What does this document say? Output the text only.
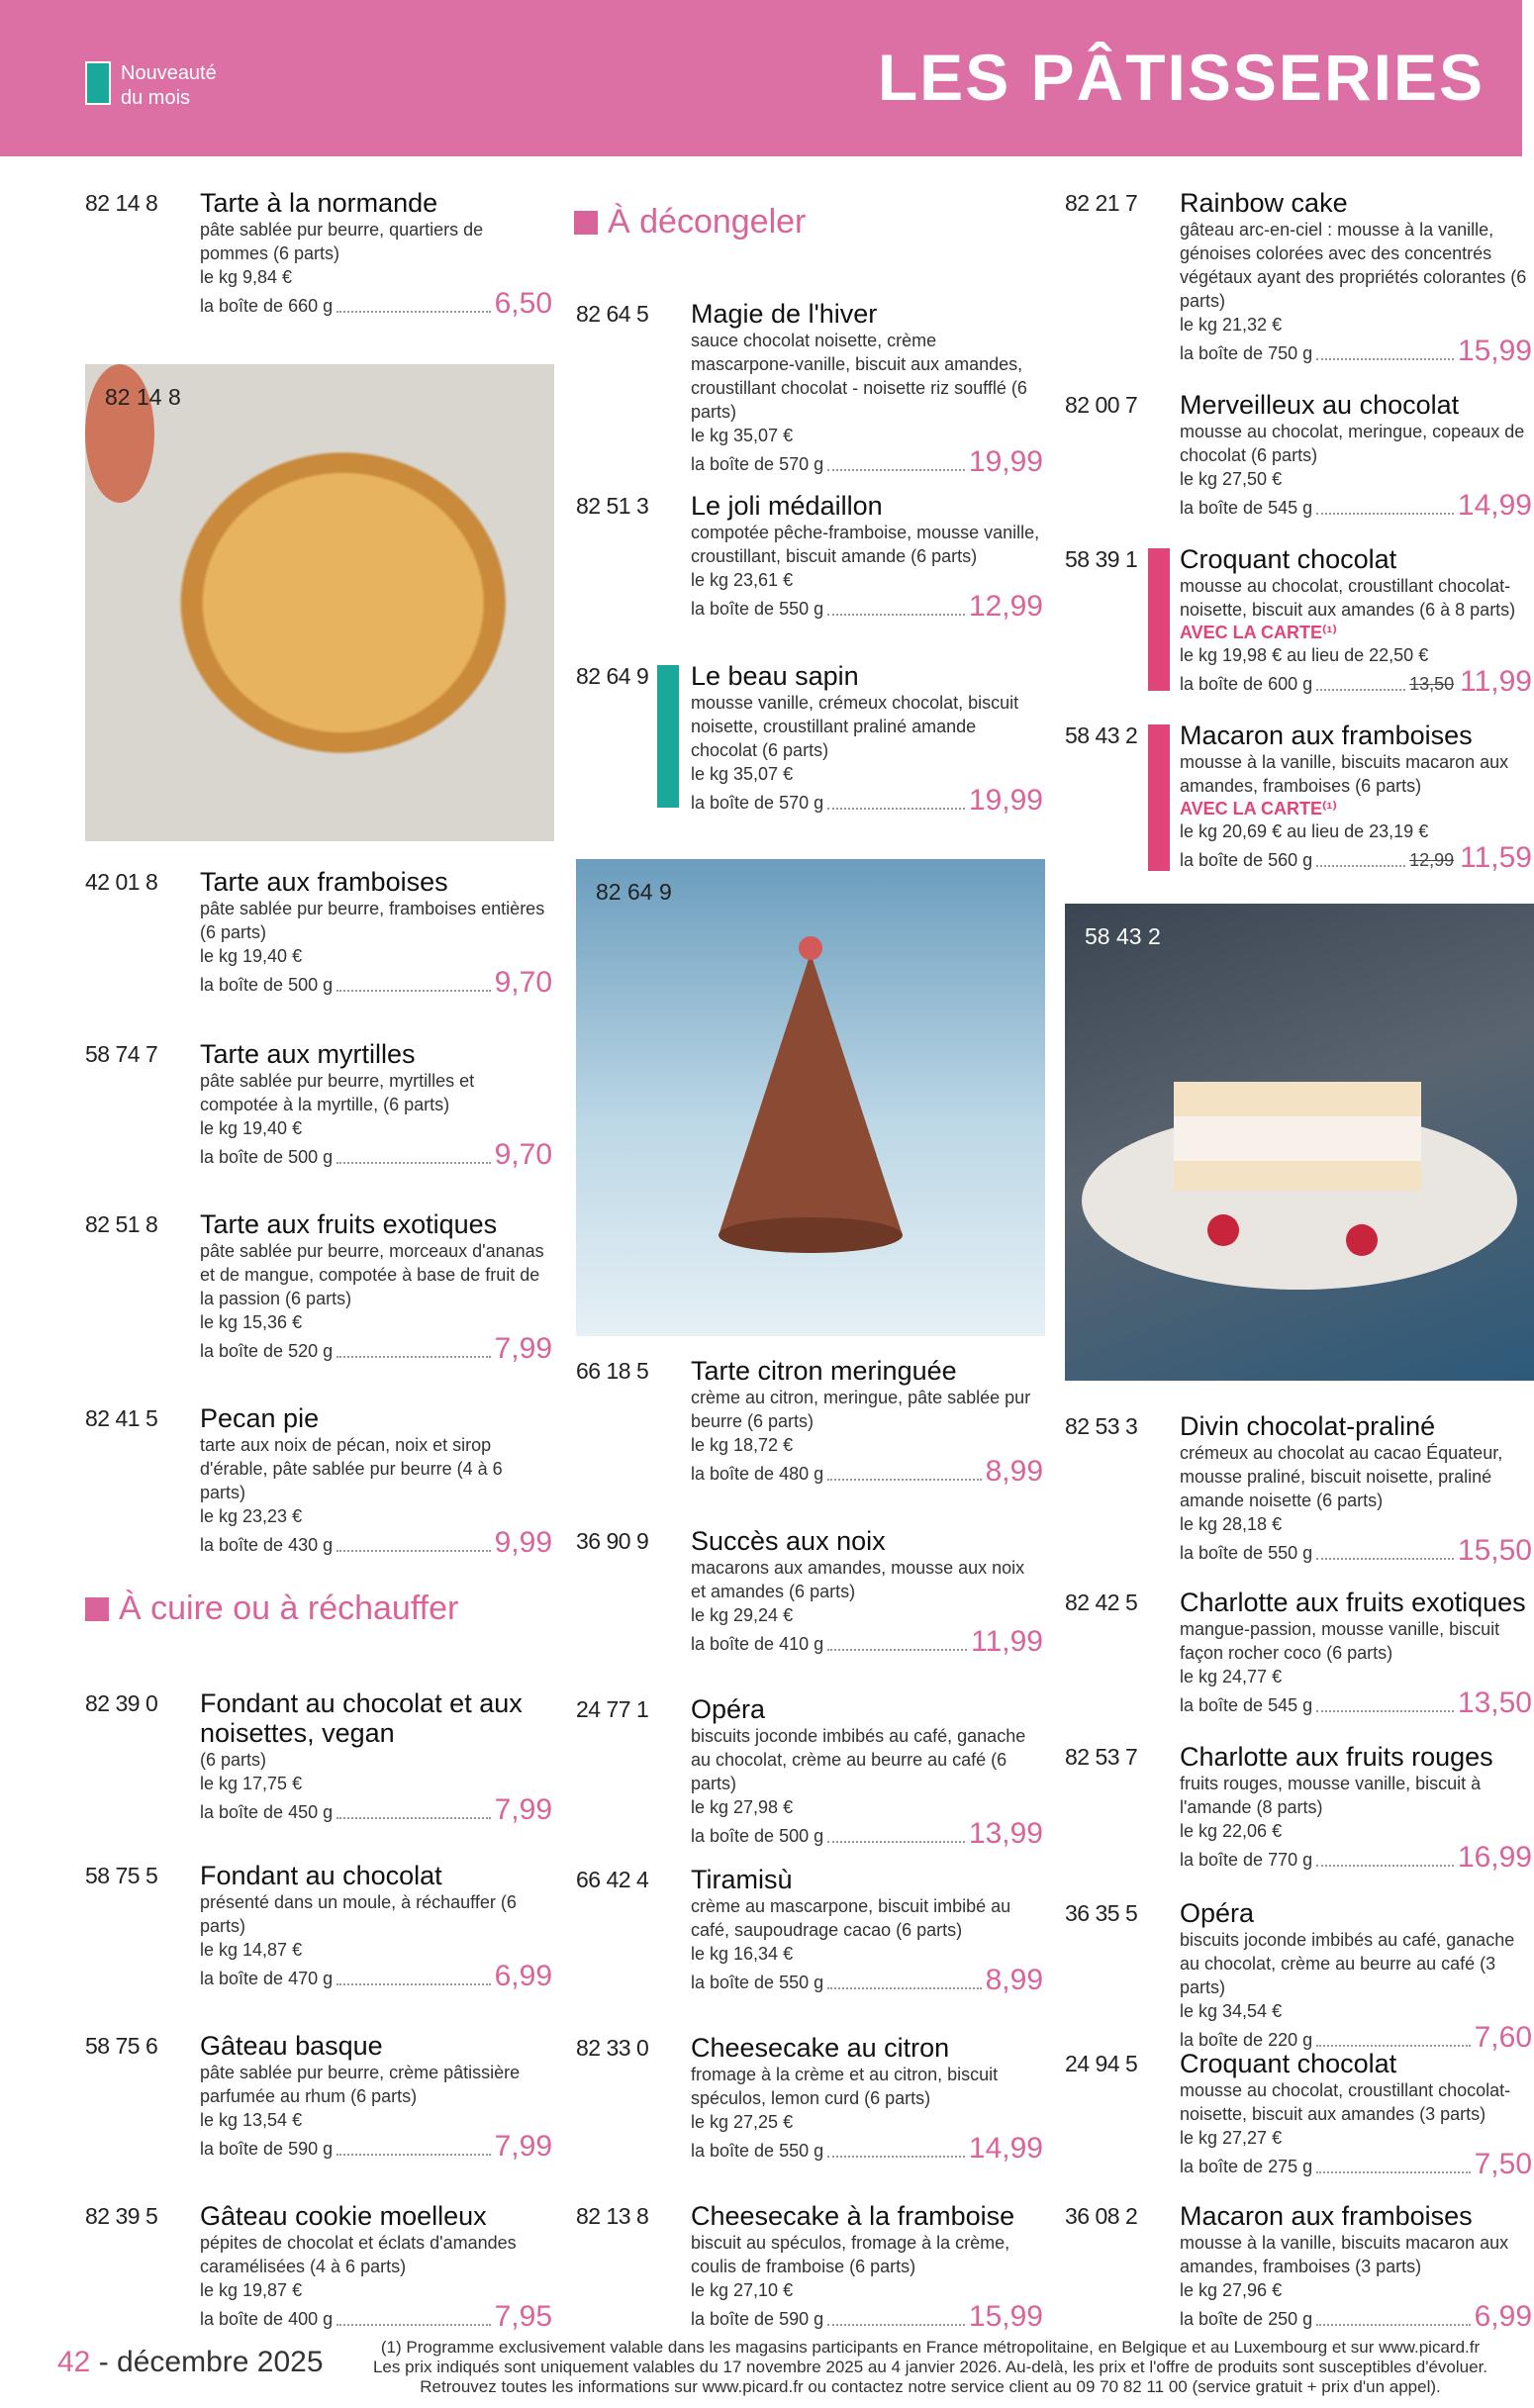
Nouveauté
du mois	LES PÂTISSERIES
À décongeler
À cuire ou à réchauffer
82 14 8
82 64 9
58 43 2
82 14 8	Tarte à la normande
pâte sablée pur beurre, quartiers de pommes (6 parts)
le kg 9,84 €
la boîte de 660 g	6,50
42 01 8	Tarte aux framboises
pâte sablée pur beurre, framboises entières (6 parts)
le kg 19,40 €
la boîte de 500 g	9,70
58 74 7	Tarte aux myrtilles
pâte sablée pur beurre, myrtilles et compotée à la myrtille, (6 parts)
le kg 19,40 €
la boîte de 500 g	9,70
82 51 8	Tarte aux fruits exotiques
pâte sablée pur beurre, morceaux d'ananas et de mangue, compotée à base de fruit de la passion (6 parts)
le kg 15,36 €
la boîte de 520 g	7,99
82 41 5	Pecan pie
tarte aux noix de pécan, noix et sirop d'érable, pâte sablée pur beurre (4 à 6 parts)
le kg 23,23 €
la boîte de 430 g	9,99
82 39 0	Fondant au chocolat et aux noisettes, vegan
(6 parts)
le kg 17,75 €
la boîte de 450 g	7,99
58 75 5	Fondant au chocolat
présenté dans un moule, à réchauffer (6 parts)
le kg 14,87 €
la boîte de 470 g	6,99
58 75 6	Gâteau basque
pâte sablée pur beurre, crème pâtissière parfumée au rhum (6 parts)
le kg 13,54 €
la boîte de 590 g	7,99
82 39 5	Gâteau cookie moelleux
pépites de chocolat et éclats d'amandes caramélisées (4 à 6 parts)
le kg 19,87 €
la boîte de 400 g	7,95
82 64 5	Magie de l'hiver
sauce chocolat noisette, crème mascarpone-vanille, biscuit aux amandes, croustillant chocolat - noisette riz soufflé (6 parts)
le kg 35,07 €
la boîte de 570 g	19,99
82 51 3	Le joli médaillon
compotée pêche-framboise, mousse vanille, croustillant, biscuit amande (6 parts)
le kg 23,61 €
la boîte de 550 g	12,99
82 64 9	Le beau sapin
mousse vanille, crémeux chocolat, biscuit noisette, croustillant praliné amande chocolat (6 parts)
le kg 35,07 €
la boîte de 570 g	19,99
66 18 5	Tarte citron meringuée
crème au citron, meringue, pâte sablée pur beurre (6 parts)
le kg 18,72 €
la boîte de 480 g	8,99
36 90 9	Succès aux noix
macarons aux amandes, mousse aux noix et amandes (6 parts)
le kg 29,24 €
la boîte de 410 g	11,99
24 77 1	Opéra
biscuits joconde imbibés au café, ganache au chocolat, crème au beurre au café (6 parts)
le kg 27,98 €
la boîte de 500 g	13,99
66 42 4	Tiramisù
crème au mascarpone, biscuit imbibé au café, saupoudrage cacao (6 parts)
le kg 16,34 €
la boîte de 550 g	8,99
82 33 0	Cheesecake au citron
fromage à la crème et au citron, biscuit spéculos, lemon curd (6 parts)
le kg 27,25 €
la boîte de 550 g	14,99
82 13 8	Cheesecake à la framboise
biscuit au spéculos, fromage à la crème, coulis de framboise (6 parts)
le kg 27,10 €
la boîte de 590 g	15,99
82 21 7	Rainbow cake
gâteau arc-en-ciel : mousse à la vanille, génoises colorées avec des concentrés végétaux ayant des propriétés colorantes (6 parts)
le kg 21,32 €
la boîte de 750 g	15,99
82 00 7	Merveilleux au chocolat
mousse au chocolat, meringue, copeaux de chocolat (6 parts)
le kg 27,50 €
la boîte de 545 g	14,99
58 39 1	Croquant chocolat
mousse au chocolat, croustillant chocolat-noisette, biscuit aux amandes (6 à 8 parts)
AVEC LA CARTE⁽¹⁾
le kg 19,98 € au lieu de 22,50 €
la boîte de 600 g	13,50 11,99
58 43 2	Macaron aux framboises
mousse à la vanille, biscuits macaron aux amandes, framboises (6 parts)
AVEC LA CARTE⁽¹⁾
le kg 20,69 € au lieu de 23,19 €
la boîte de 560 g	12,99 11,59
82 53 3	Divin chocolat-praliné
crémeux au chocolat au cacao Équateur, mousse praliné, biscuit noisette, praliné amande noisette (6 parts)
le kg 28,18 €
la boîte de 550 g	15,50
82 42 5	Charlotte aux fruits exotiques
mangue-passion, mousse vanille, biscuit façon rocher coco (6 parts)
le kg 24,77 €
la boîte de 545 g	13,50
82 53 7	Charlotte aux fruits rouges
fruits rouges, mousse vanille, biscuit à l'amande (8 parts)
le kg 22,06 €
la boîte de 770 g	16,99
36 35 5	Opéra
biscuits joconde imbibés au café, ganache au chocolat, crème au beurre au café (3 parts)
le kg 34,54 €
la boîte de 220 g	7,60
24 94 5	Croquant chocolat
mousse au chocolat, croustillant chocolat-noisette, biscuit aux amandes (3 parts)
le kg 27,27 €
la boîte de 275 g	7,50
36 08 2	Macaron aux framboises
mousse à la vanille, biscuits macaron aux amandes, framboises (3 parts)
le kg 27,96 €
la boîte de 250 g	6,99
42 - décembre 2025	(1) Programme exclusivement valable dans les magasins participants en France métropolitaine, en Belgique et au Luxembourg et sur www.picard.fr
Les prix indiqués sont uniquement valables du 17 novembre 2025 au 4 janvier 2026. Au-delà, les prix et l'offre de produits sont susceptibles d'évoluer.
Retrouvez toutes les informations sur www.picard.fr ou contactez notre service client au 09 70 82 11 00 (service gratuit + prix d'un appel).
